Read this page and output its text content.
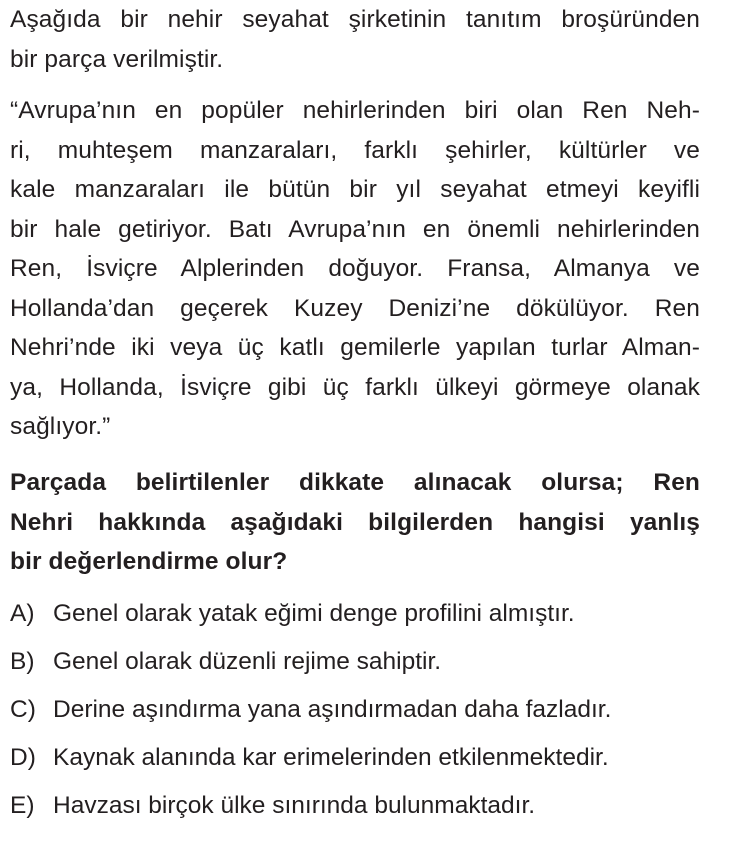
Aşağıda bir nehir seyahat şirketinin tanıtım broşüründen
bir parça verilmiştir.
“Avrupa’nın en popüler nehirlerinden biri olan Ren Neh-
ri, muhteşem manzaraları, farklı şehirler, kültürler ve
kale manzaraları ile bütün bir yıl seyahat etmeyi keyifli
bir hale getiriyor. Batı Avrupa’nın en önemli nehirlerinden
Ren, İsviçre Alplerinden doğuyor. Fransa, Almanya ve
Hollanda’dan geçerek Kuzey Denizi’ne dökülüyor. Ren
Nehri’nde iki veya üç katlı gemilerle yapılan turlar Alman-
ya, Hollanda, İsviçre gibi üç farklı ülkeyi görmeye olanak
sağlıyor.”
Parçada belirtilenler dikkate alınacak olursa; Ren
Nehri hakkında aşağıdaki bilgilerden hangisi yanlış
bir değerlendirme olur?
A) Genel olarak yatak eğimi denge profilini almıştır.
B) Genel olarak düzenli rejime sahiptir.
C) Derine aşındırma yana aşındırmadan daha fazladır.
D) Kaynak alanında kar erimelerinden etkilenmektedir.
E) Havzası birçok ülke sınırında bulunmaktadır.
